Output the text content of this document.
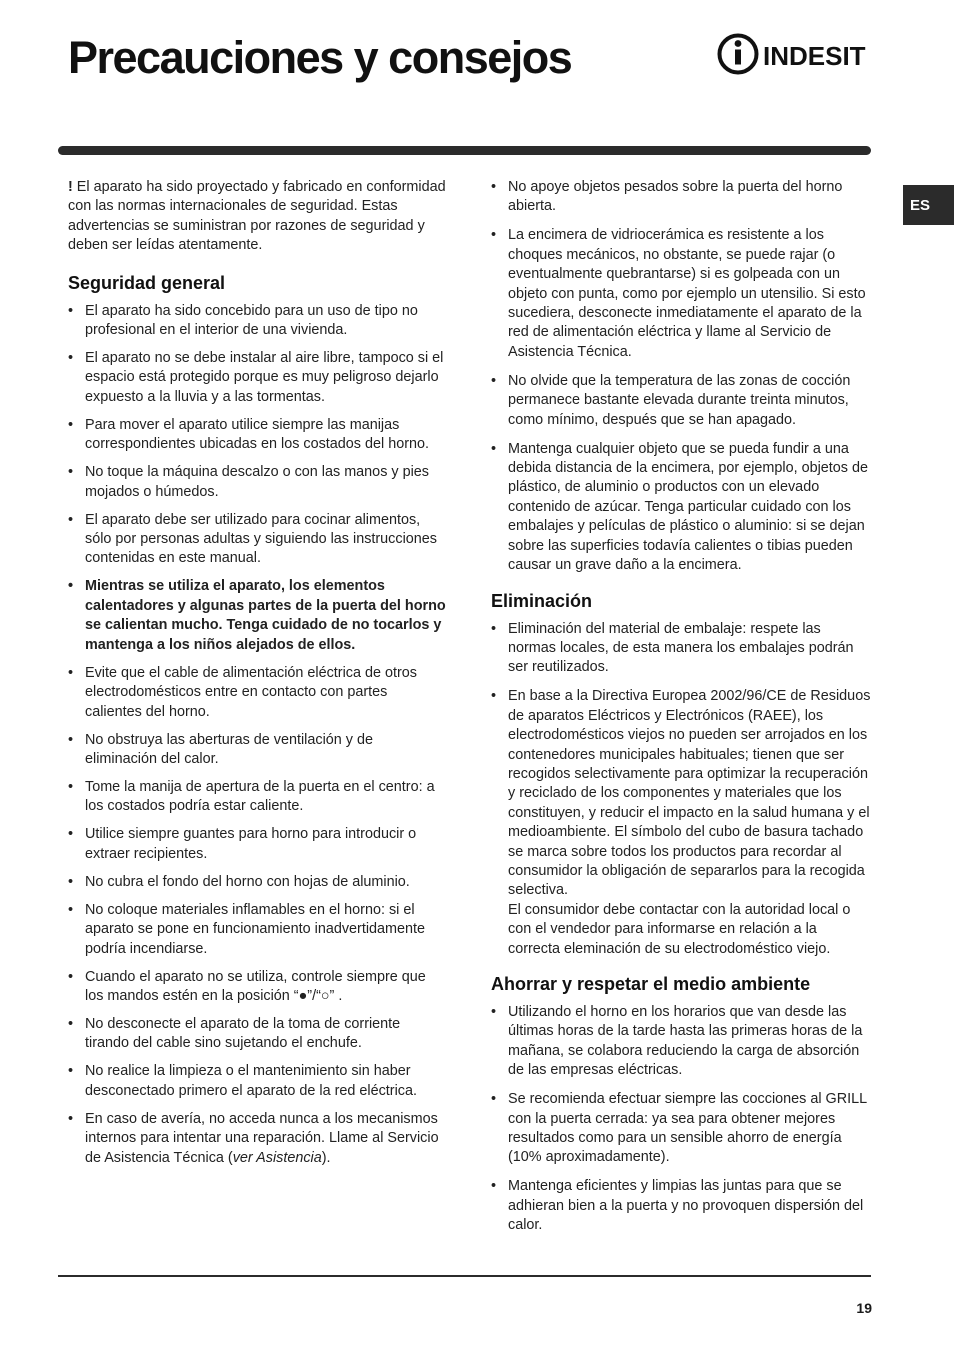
Precauciones y consejos	INDESIT
ES

! El aparato ha sido proyectado y fabricado en conformidad con las normas internacionales de seguridad. Estas advertencias se suministran por razones de seguridad y deben ser leídas atentamente.

Seguridad general
• El aparato ha sido concebido para un uso de tipo no profesional en el interior de una vivienda.
• El aparato no se debe instalar al aire libre, tampoco si el espacio está protegido porque es muy peligroso dejarlo expuesto a la lluvia y a las tormentas.
• Para mover el aparato utilice siempre las manijas correspondientes ubicadas en los costados del horno.
• No toque la máquina descalzo o con las manos y pies mojados o húmedos.
• El aparato debe ser utilizado para cocinar alimentos, sólo por personas adultas y siguiendo las instrucciones contenidas en este manual.
• Mientras se utiliza el aparato, los elementos calentadores y algunas partes de la puerta del horno se calientan mucho. Tenga cuidado de no tocarlos y mantenga a los niños alejados de ellos.
• Evite que el cable de alimentación eléctrica de otros electrodomésticos entre en contacto con partes calientes del horno.
• No obstruya las aberturas de ventilación y de eliminación del calor.
• Tome la manija de apertura de la puerta en el centro: a los costados podría estar caliente.
• Utilice siempre guantes para horno para introducir o extraer recipientes.
• No cubra el fondo del horno con hojas de aluminio.
• No coloque materiales inflamables en el horno: si el aparato se pone en funcionamiento inadvertidamente podría incendiarse.
• Cuando el aparato no se utiliza, controle siempre que los mandos estén en la posición “●”/“○” .
• No desconecte el aparato de la toma de corriente tirando del cable sino sujetando el enchufe.
• No realice la limpieza o el mantenimiento sin haber desconectado primero el aparato de la red eléctrica.
• En caso de avería, no acceda nunca a los mecanismos internos para intentar una reparación. Llame al Servicio de Asistencia Técnica (ver Asistencia).
• No apoye objetos pesados sobre la puerta del horno abierta.
• La encimera de vidriocerámica es resistente a los choques mecánicos, no obstante, se puede rajar (o eventualmente quebrantarse) si es golpeada con un objeto con punta, como por ejemplo un utensilio. Si esto sucediera, desconecte inmediatamente el aparato de la red de alimentación eléctrica y llame al Servicio de Asistencia Técnica.
• No olvide que la temperatura de las zonas de cocción permanece bastante elevada durante treinta minutos, como mínimo, después que se han apagado.
• Mantenga cualquier objeto que se pueda fundir a una debida distancia de la encimera, por ejemplo, objetos de plástico, de aluminio o productos con un elevado contenido de azúcar. Tenga particular cuidado con los embalajes y películas de plástico o aluminio: si se dejan sobre las superficies todavía calientes o tibias pueden causar un grave daño a la encimera.
Eliminación
• Eliminación del material de embalaje: respete las normas locales, de esta manera los embalajes podrán ser reutilizados.
• En base a la Directiva Europea 2002/96/CE de Residuos de aparatos Eléctricos y Electrónicos (RAEE), los electrodomésticos viejos no pueden ser arrojados en los contenedores municipales habituales; tienen que ser recogidos selectivamente para optimizar la recuperación y reciclado de los componentes y materiales que los constituyen, y reducir el impacto en la salud humana y el medioambiente. El símbolo del cubo de basura tachado se marca sobre todos los productos para recordar al consumidor la obligación de separarlos para la recogida selectiva.
El consumidor debe contactar con la autoridad local o con el vendedor para informarse en relación a la correcta eleminación de su electrodoméstico viejo.
Ahorrar y respetar el medio ambiente
• Utilizando el horno en los horarios que van desde las últimas horas de la tarde hasta las primeras horas de la mañana, se colabora reduciendo la carga de absorción de las empresas eléctricas.
• Se recomienda efectuar siempre las cocciones al GRILL con la puerta cerrada: ya sea para obtener mejores resultados como para un sensible ahorro de energía (10% aproximadamente).
• Mantenga eficientes y limpias las juntas para que se adhieran bien a la puerta y no provoquen dispersión del calor.
19
